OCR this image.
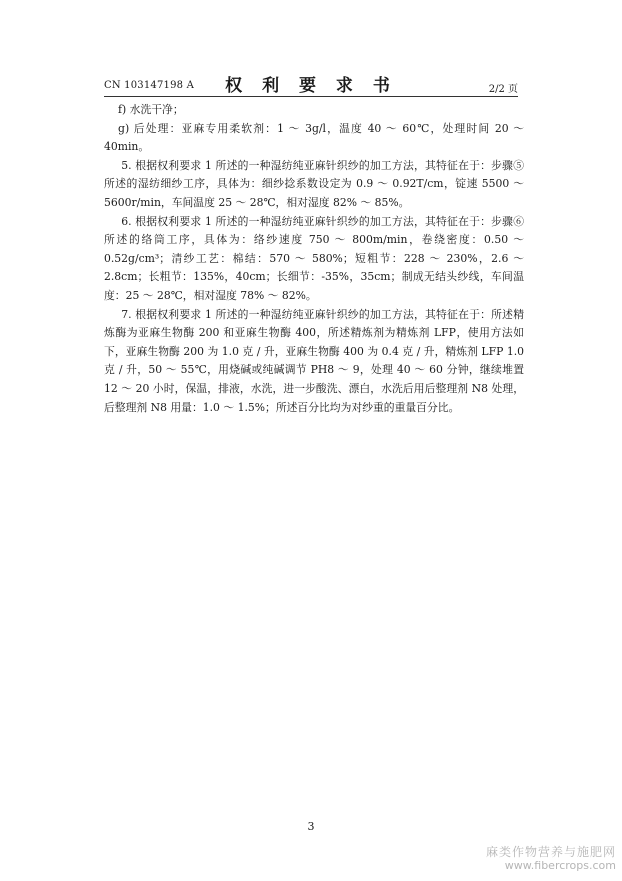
CN 103147198 A	权 利 要 求 书	2/2 页

f) 水洗干净；

g) 后处理：亚麻专用柔软剂：1 ～ 3g/l，温度 40 ～ 60℃，处理时间 20 ～ 40min。

5. 根据权利要求 1 所述的一种湿纺纯亚麻针织纱的加工方法，其特征在于：步骤⑤所述的湿纺细纱工序，具体为：细纱捻系数设定为 0.9 ～ 0.92T/cm，锭速 5500 ～ 5600r/min，车间温度 25 ～ 28℃，相对湿度 82% ～ 85%。

6. 根据权利要求 1 所述的一种湿纺纯亚麻针织纱的加工方法，其特征在于：步骤⑥所述的络筒工序，具体为：络纱速度 750 ～ 800m/min，卷绕密度：0.50 ～ 0.52g/cm³；清纱工艺：棉结：570 ～ 580%；短粗节：228 ～ 230%，2.6 ～ 2.8cm；长粗节：135%，40cm；长细节：-35%，35cm；制成无结头纱线，车间温度：25 ～ 28℃，相对湿度 78% ～ 82%。

7. 根据权利要求 1 所述的一种湿纺纯亚麻针织纱的加工方法，其特征在于：所述精炼酶为亚麻生物酶 200 和亚麻生物酶 400，所述精炼剂为精炼剂 LFP，使用方法如下，亚麻生物酶 200 为 1.0 克 / 升，亚麻生物酶 400 为 0.4 克 / 升，精炼剂 LFP 1.0 克 / 升，50 ～ 55℃，用烧碱或纯碱调节 PH8 ～ 9，处理 40 ～ 60 分钟，继续堆置 12 ～ 20 小时，保温，排液，水洗，进一步酸洗、漂白，水洗后用后整理剂 N8 处理，后整理剂 N8 用量：1.0 ～ 1.5%；所述百分比均为对纱重的重量百分比。

3
麻类作物营养与施肥网
www.fibercrops.com
